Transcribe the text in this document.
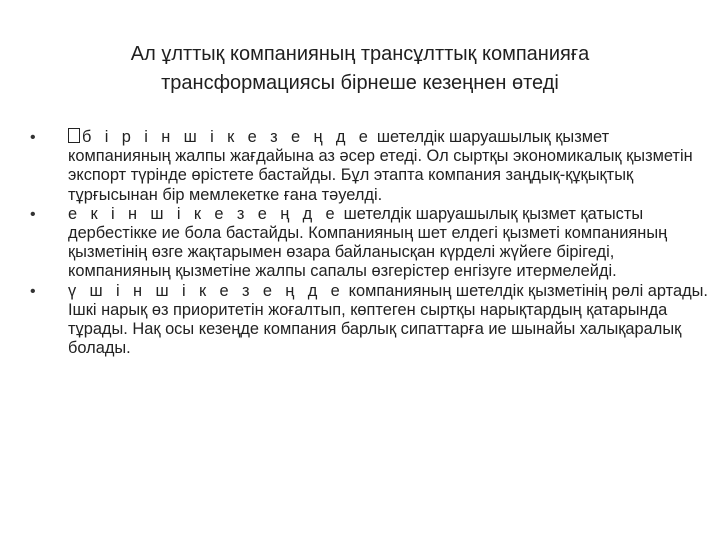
Ал ұлттық компанияның трансұлттық компанияға
трансформациясы бірнеше кезеңнен өтеді
•	б і р і н ш і к е з е ң д е шетелдік шаруашылық қызмет компанияның жалпы жағдайына аз әсер етеді. Ол сыртқы экономикалық қызметін экспорт түрінде өрістете бастайды. Бұл этапта компания заңдық-құқықтық тұрғысынан бір мемлекетке ғана тәуелді.
•	е к і н ш і к е з е ң д е шетелдік шаруашылық қызмет қатысты дербестікке ие бола бастайды. Компанияның шет елдегі қызметі компанияның қызметінің өзге жақтарымен өзара байланысқан күрделі жүйеге бірігеді, компанияның қызметіне жалпы сапалы өзгерістер енгізуге итермелейді.
•	ү ш і н ш і к е з е ң д е компанияның шетелдік қызметінің рөлі артады. Ішкі нарық өз приоритетін жоғалтып, көптеген сыртқы нарықтардың қатарында тұрады. Нақ осы кезеңде компания барлық сипаттарға ие шынайы халықаралық болады.
